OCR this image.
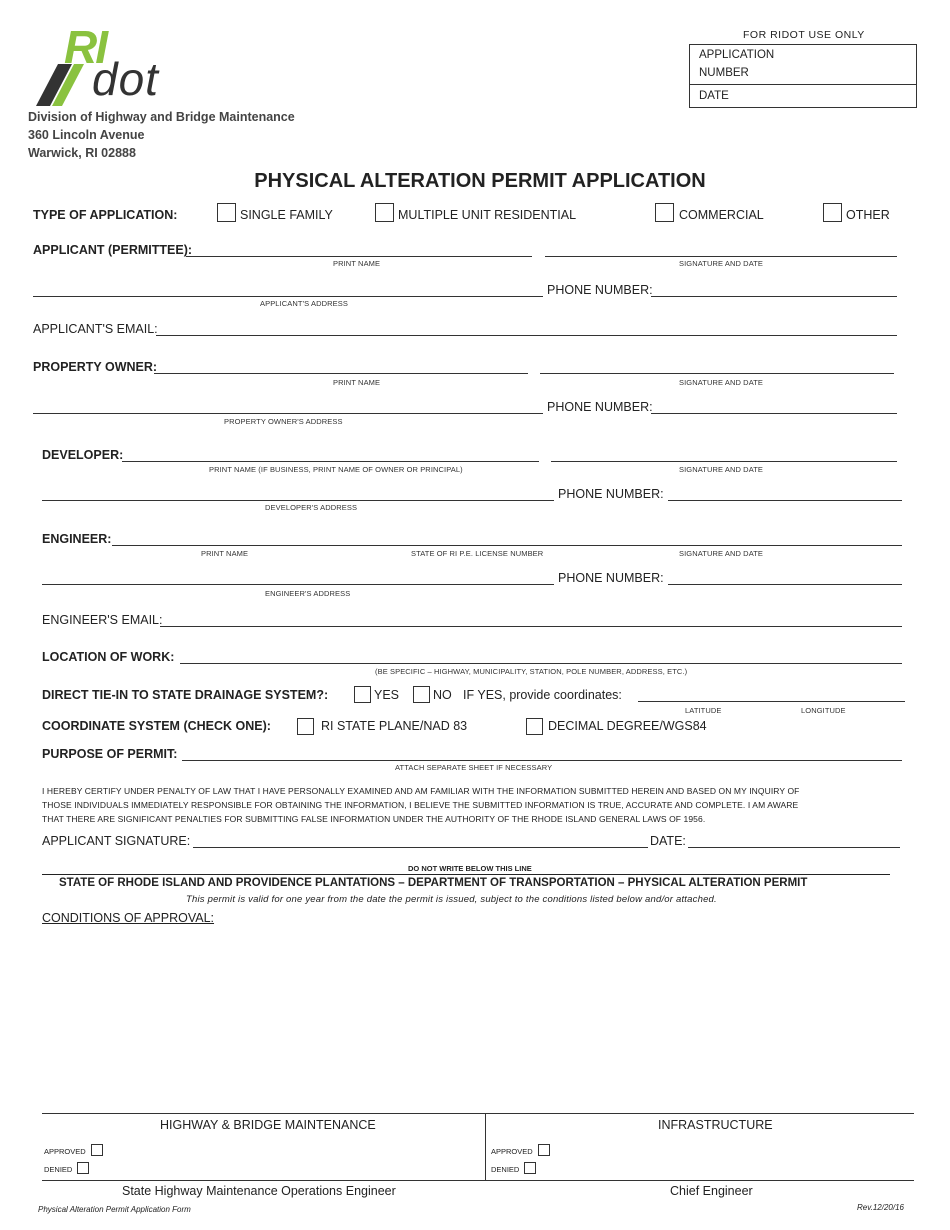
RI
dot
Division of Highway and Bridge Maintenance
360 Lincoln Avenue
Warwick, RI 02888
FOR RIDOT USE ONLY
APPLICATION
NUMBER
DATE
PHYSICAL ALTERATION PERMIT APPLICATION
TYPE OF APPLICATION:	SINGLE FAMILY	MULTIPLE UNIT RESIDENTIAL	COMMERCIAL	OTHER
APPLICANT (PERMITTEE):
PRINT NAME	SIGNATURE AND DATE
PHONE NUMBER:
APPLICANT'S ADDRESS
APPLICANT'S EMAIL:
PROPERTY OWNER:
PRINT NAME	SIGNATURE AND DATE
PHONE NUMBER:
PROPERTY OWNER'S ADDRESS
DEVELOPER:
PRINT NAME (IF BUSINESS, PRINT NAME OF OWNER OR PRINCIPAL)	SIGNATURE AND DATE
PHONE NUMBER:
DEVELOPER'S ADDRESS
ENGINEER:
PRINT NAME	STATE OF RI P.E. LICENSE NUMBER	SIGNATURE AND DATE
PHONE NUMBER:
ENGINEER'S ADDRESS
ENGINEER'S EMAIL:
LOCATION OF WORK:
(BE SPECIFIC – HIGHWAY, MUNICIPALITY, STATION, POLE NUMBER, ADDRESS, ETC.)
DIRECT TIE-IN TO STATE DRAINAGE SYSTEM?:	YES	NO IF YES, provide coordinates:
LATITUDE	LONGITUDE
COORDINATE SYSTEM (CHECK ONE):	RI STATE PLANE/NAD 83	DECIMAL DEGREE/WGS84
PURPOSE OF PERMIT:
ATTACH SEPARATE SHEET IF NECESSARY
I HEREBY CERTIFY UNDER PENALTY OF LAW THAT I HAVE PERSONALLY EXAMINED AND AM FAMILIAR WITH THE INFORMATION SUBMITTED HEREIN AND BASED ON MY INQUIRY OF
THOSE INDIVIDUALS IMMEDIATELY RESPONSIBLE FOR OBTAINING THE INFORMATION, I BELIEVE THE SUBMITTED INFORMATION IS TRUE, ACCURATE AND COMPLETE. I AM AWARE
THAT THERE ARE SIGNIFICANT PENALTIES FOR SUBMITTING FALSE INFORMATION UNDER THE AUTHORITY OF THE RHODE ISLAND GENERAL LAWS OF 1956.
APPLICANT SIGNATURE:	DATE:
DO NOT WRITE BELOW THIS LINE
STATE OF RHODE ISLAND AND PROVIDENCE PLANTATIONS – DEPARTMENT OF TRANSPORTATION – PHYSICAL ALTERATION PERMIT
This permit is valid for one year from the date the permit is issued, subject to the conditions listed below and/or attached.
CONDITIONS OF APPROVAL:
HIGHWAY & BRIDGE MAINTENANCE	INFRASTRUCTURE
APPROVED
DENIED
APPROVED
DENIED
State Highway Maintenance Operations Engineer	Chief Engineer
Physical Alteration Permit Application Form	Rev.12/20/16
